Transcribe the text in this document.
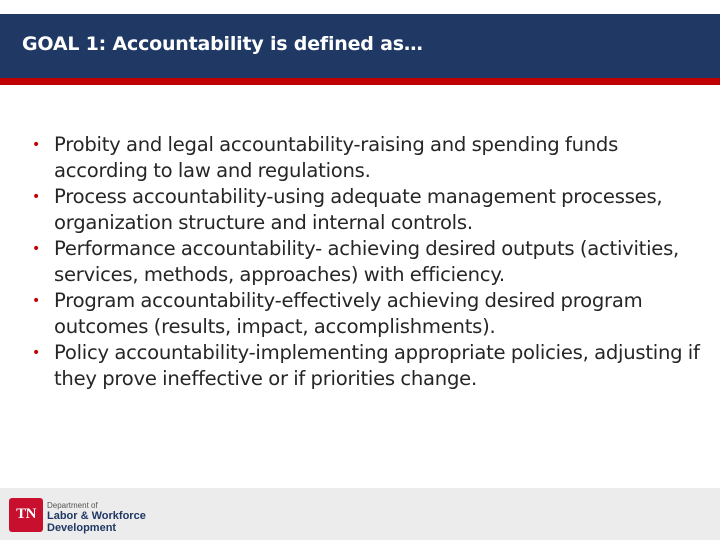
GOAL 1: Accountability is defined as…
• Probity and legal accountability-raising and spending funds according to law and regulations.
• Process accountability-using adequate management processes, organization structure and internal controls.
• Performance accountability- achieving desired outputs (activities, services, methods, approaches) with efficiency.
• Program accountability-effectively achieving desired program outcomes (results, impact, accomplishments).
• Policy accountability-implementing appropriate policies, adjusting if they prove ineffective or if priorities change.
TN
Department of
Labor & Workforce
Development
